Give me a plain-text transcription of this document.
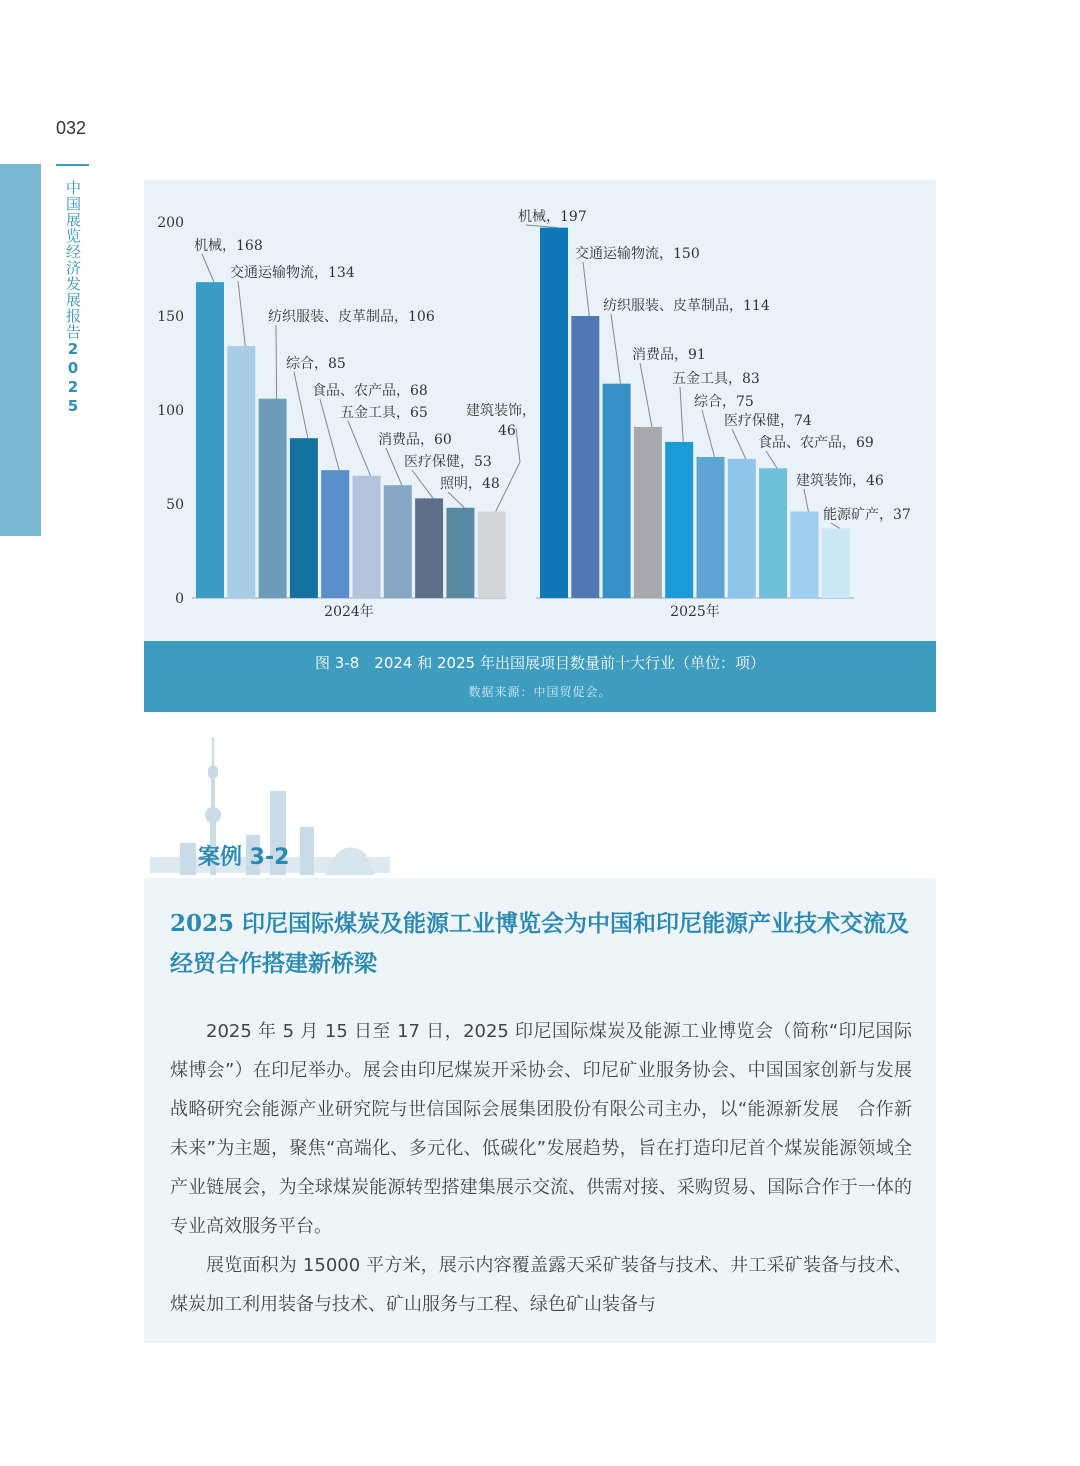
032
中国展览经济发展报告2025
0
50
100
150
200
机械，168
交通运输物流，134
纺织服装、皮革制品，106
综合，85
食品、农产品，68
五金工具，65
消费品，60
医疗保健，53
照明，48
建筑装饰，
46
2024年
机械，197
交通运输物流，150
纺织服装、皮革制品，114
消费品，91
五金工具，83
综合，75
医疗保健，74
食品、农产品，69
建筑装饰，46
能源矿产，37
2025年
图 3-8　2024 和 2025 年出国展项目数量前十大行业（单位：项）
数据来源：中国贸促会。
案例 3-2
2025 印尼国际煤炭及能源工业博览会为中国和印尼能源产业技术交流及经贸合作搭建新桥梁

2025 年 5 月 15 日至 17 日，2025 印尼国际煤炭及能源工业博览会（简称“印尼国际煤博会”）在印尼举办。展会由印尼煤炭开采协会、印尼矿业服务协会、中国国家创新与发展战略研究会能源产业研究院与世信国际会展集团股份有限公司主办，以“能源新发展　合作新未来”为主题，聚焦“高端化、多元化、低碳化”发展趋势，旨在打造印尼首个煤炭能源领域全产业链展会，为全球煤炭能源转型搭建集展示交流、供需对接、采购贸易、国际合作于一体的专业高效服务平台。

展览面积为 15000 平方米，展示内容覆盖露天采矿装备与技术、井工采矿装备与技术、煤炭加工利用装备与技术、矿山服务与工程、绿色矿山装备与
